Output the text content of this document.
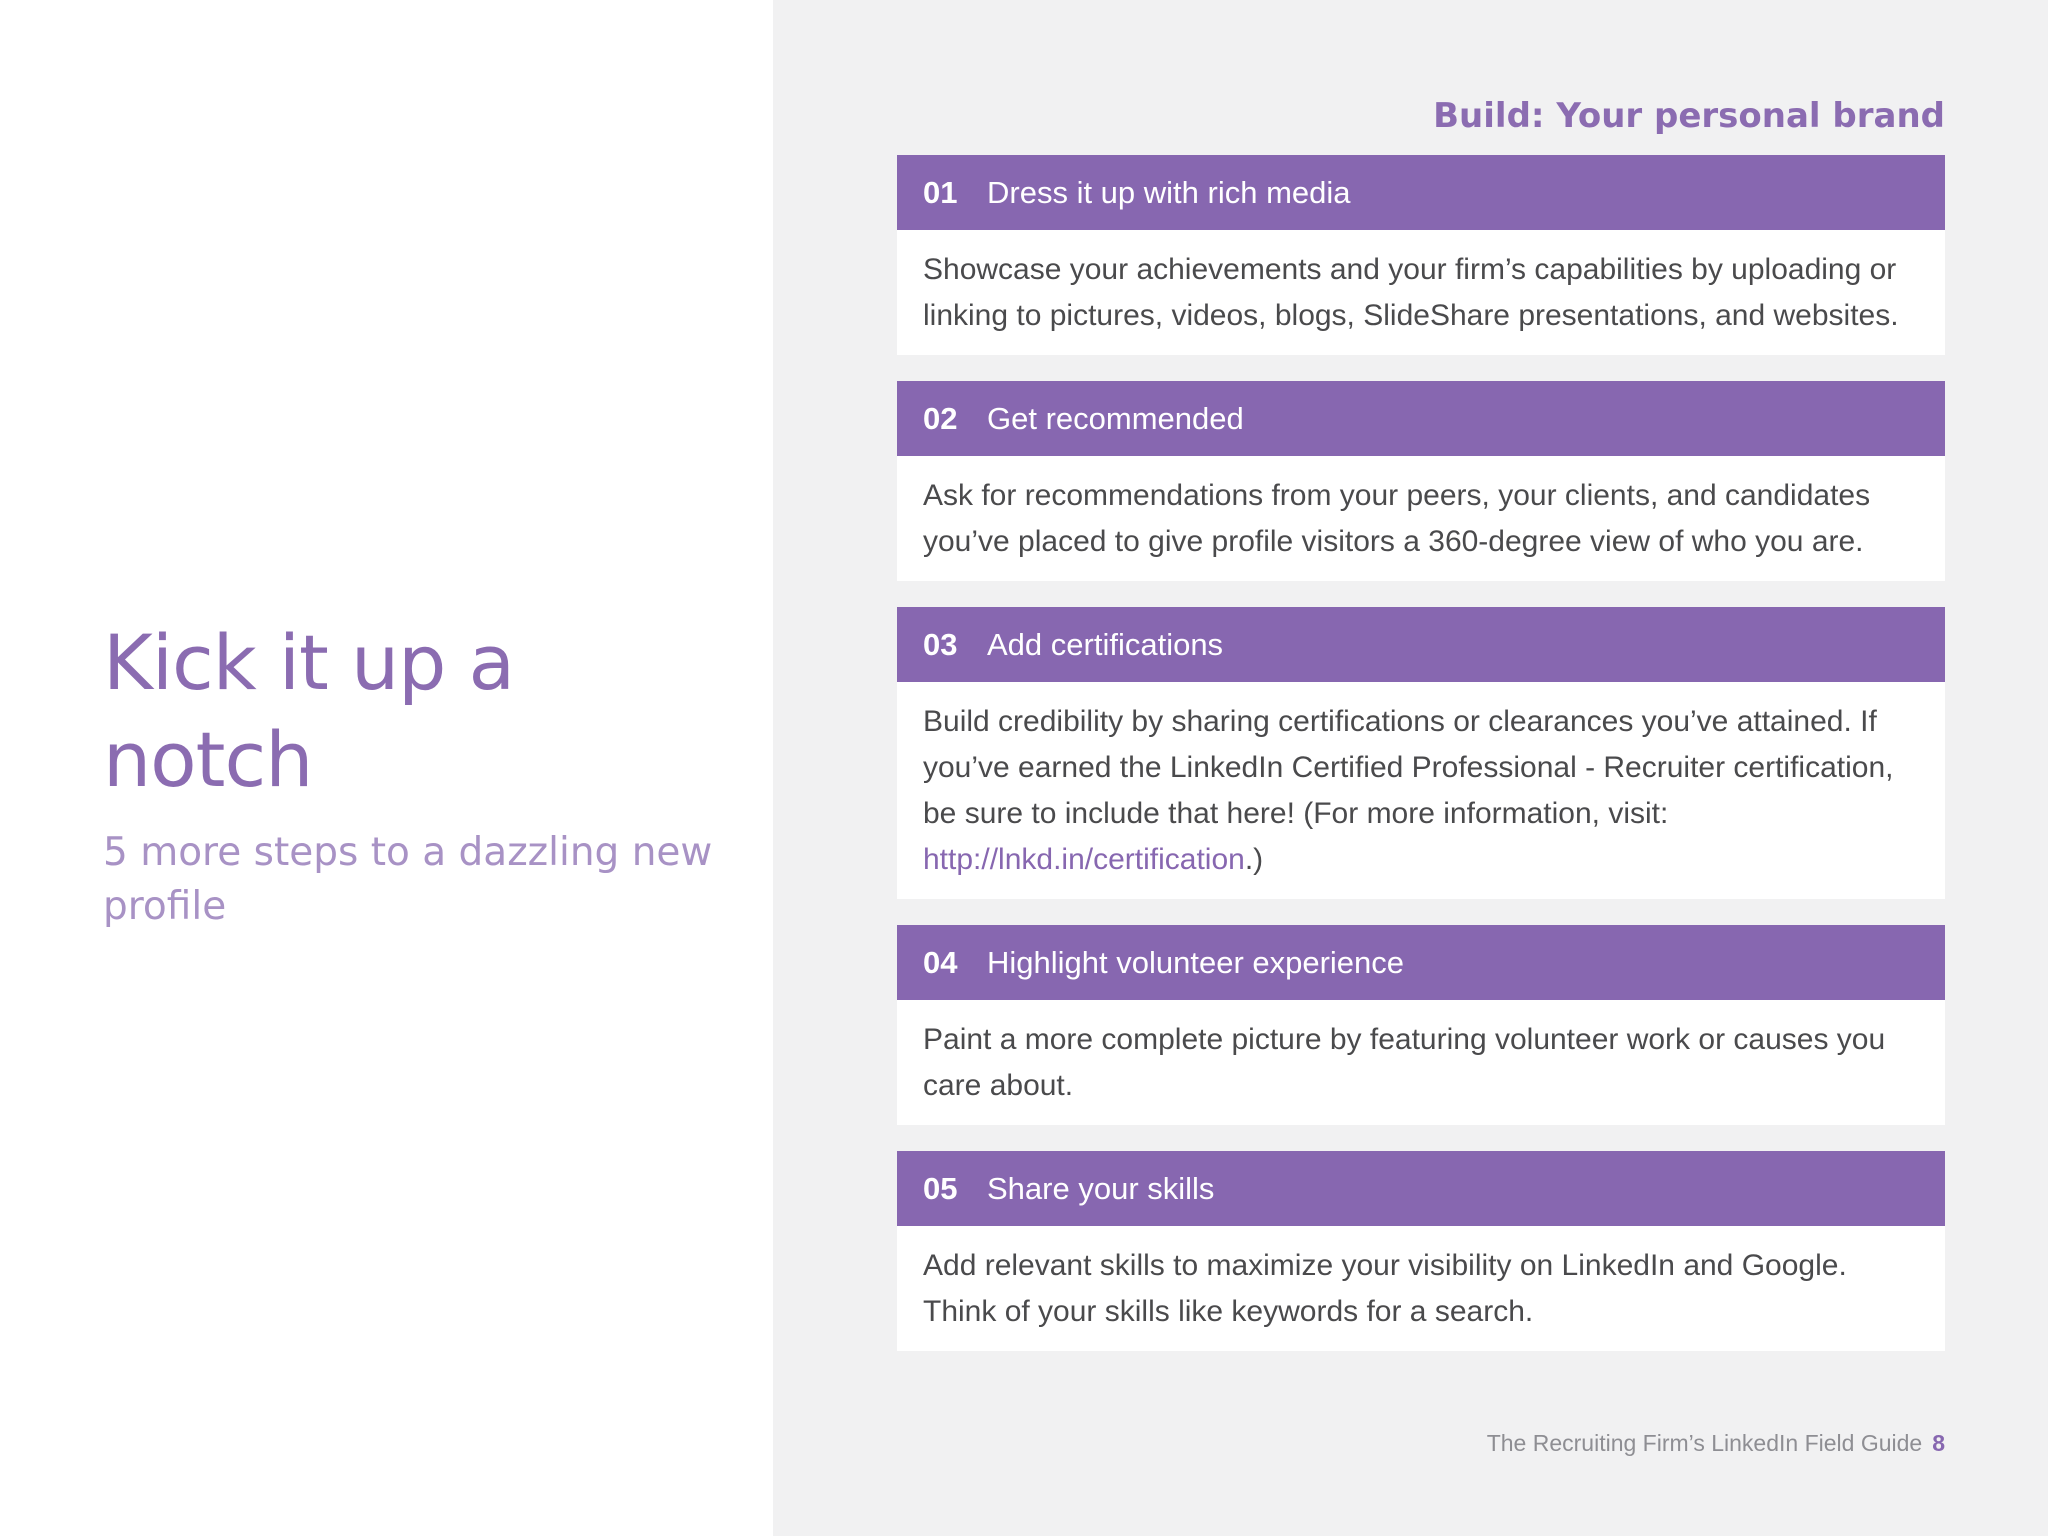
Kick it up a notch

5 more steps to a dazzling new profile

Build: Your personal brand
01 Dress it up with rich media
Showcase your achievements and your firm’s capabilities by uploading or linking to pictures, videos, blogs, SlideShare presentations, and websites.
02 Get recommended
Ask for recommendations from your peers, your clients, and candidates you’ve placed to give profile visitors a 360-degree view of who you are.
03 Add certifications
Build credibility by sharing certifications or clearances you’ve attained. If you’ve earned the LinkedIn Certified Professional - Recruiter certification, be sure to include that here! (For more information, visit: http://lnkd.in/certification.)
04 Highlight volunteer experience
Paint a more complete picture by featuring volunteer work or causes you care about.
05 Share your skills
Add relevant skills to maximize your visibility on LinkedIn and Google. Think of your skills like keywords for a search.
The Recruiting Firm’s LinkedIn Field Guide 8
